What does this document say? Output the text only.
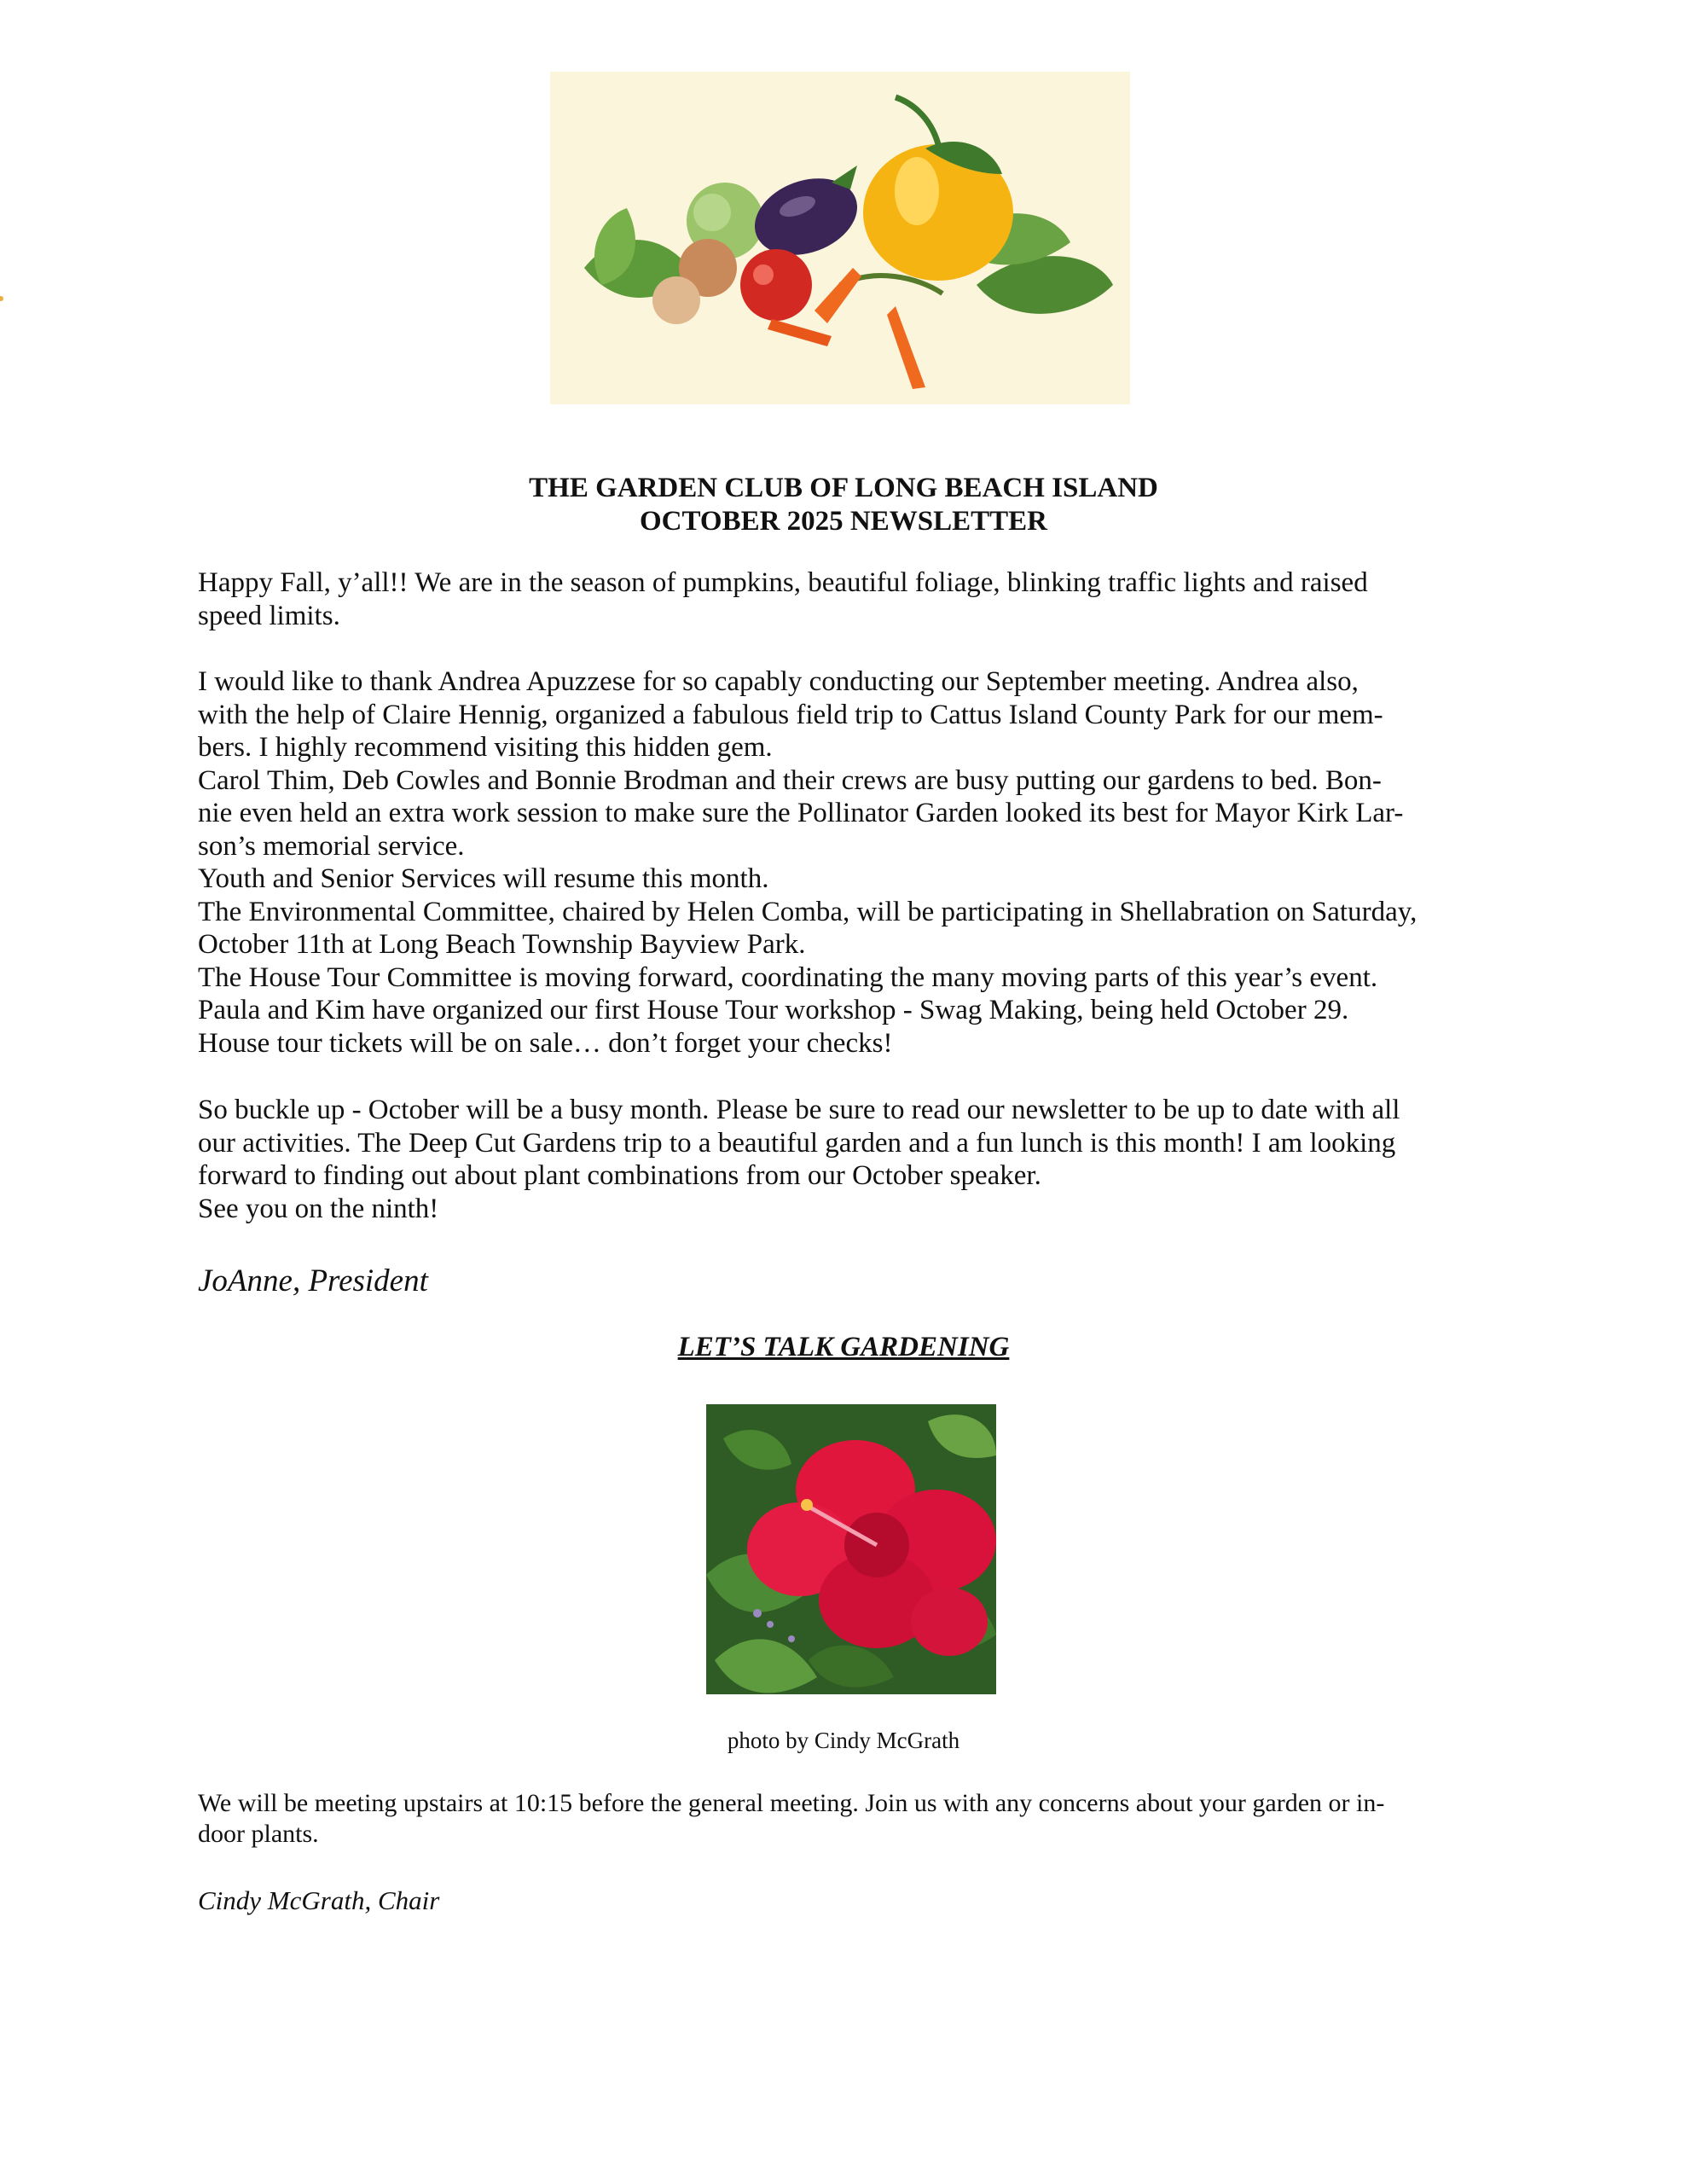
THE GARDEN CLUB OF LONG BEACH ISLAND
OCTOBER 2025 NEWSLETTER
Happy Fall, y’all!! We are in the season of pumpkins, beautiful foliage, blinking traffic lights and raised
speed limits.
I would like to thank Andrea Apuzzese for so capably conducting our September meeting. Andrea also,
with the help of Claire Hennig, organized a fabulous field trip to Cattus Island County Park for our mem-
bers. I highly recommend visiting this hidden gem.
Carol Thim, Deb Cowles and Bonnie Brodman and their crews are busy putting our gardens to bed. Bon-
nie even held an extra work session to make sure the Pollinator Garden looked its best for Mayor Kirk Lar-
son’s memorial service.
Youth and Senior Services will resume this month.
The Environmental Committee, chaired by Helen Comba, will be participating in Shellabration on Saturday,
October 11th at Long Beach Township Bayview Park.
The House Tour Committee is moving forward, coordinating the many moving parts of this year’s event.
Paula and Kim have organized our first House Tour workshop - Swag Making, being held October 29.
House tour tickets will be on sale… don’t forget your checks!
So buckle up - October will be a busy month. Please be sure to read our newsletter to be up to date with all
our activities. The Deep Cut Gardens trip to a beautiful garden and a fun lunch is this month! I am looking
forward to finding out about plant combinations from our October speaker.
See you on the ninth!
JoAnne, President
LET’S TALK GARDENING
photo by Cindy McGrath
We will be meeting upstairs at 10:15 before the general meeting. Join us with any concerns about your garden or in-
door plants.
Cindy McGrath, Chair
